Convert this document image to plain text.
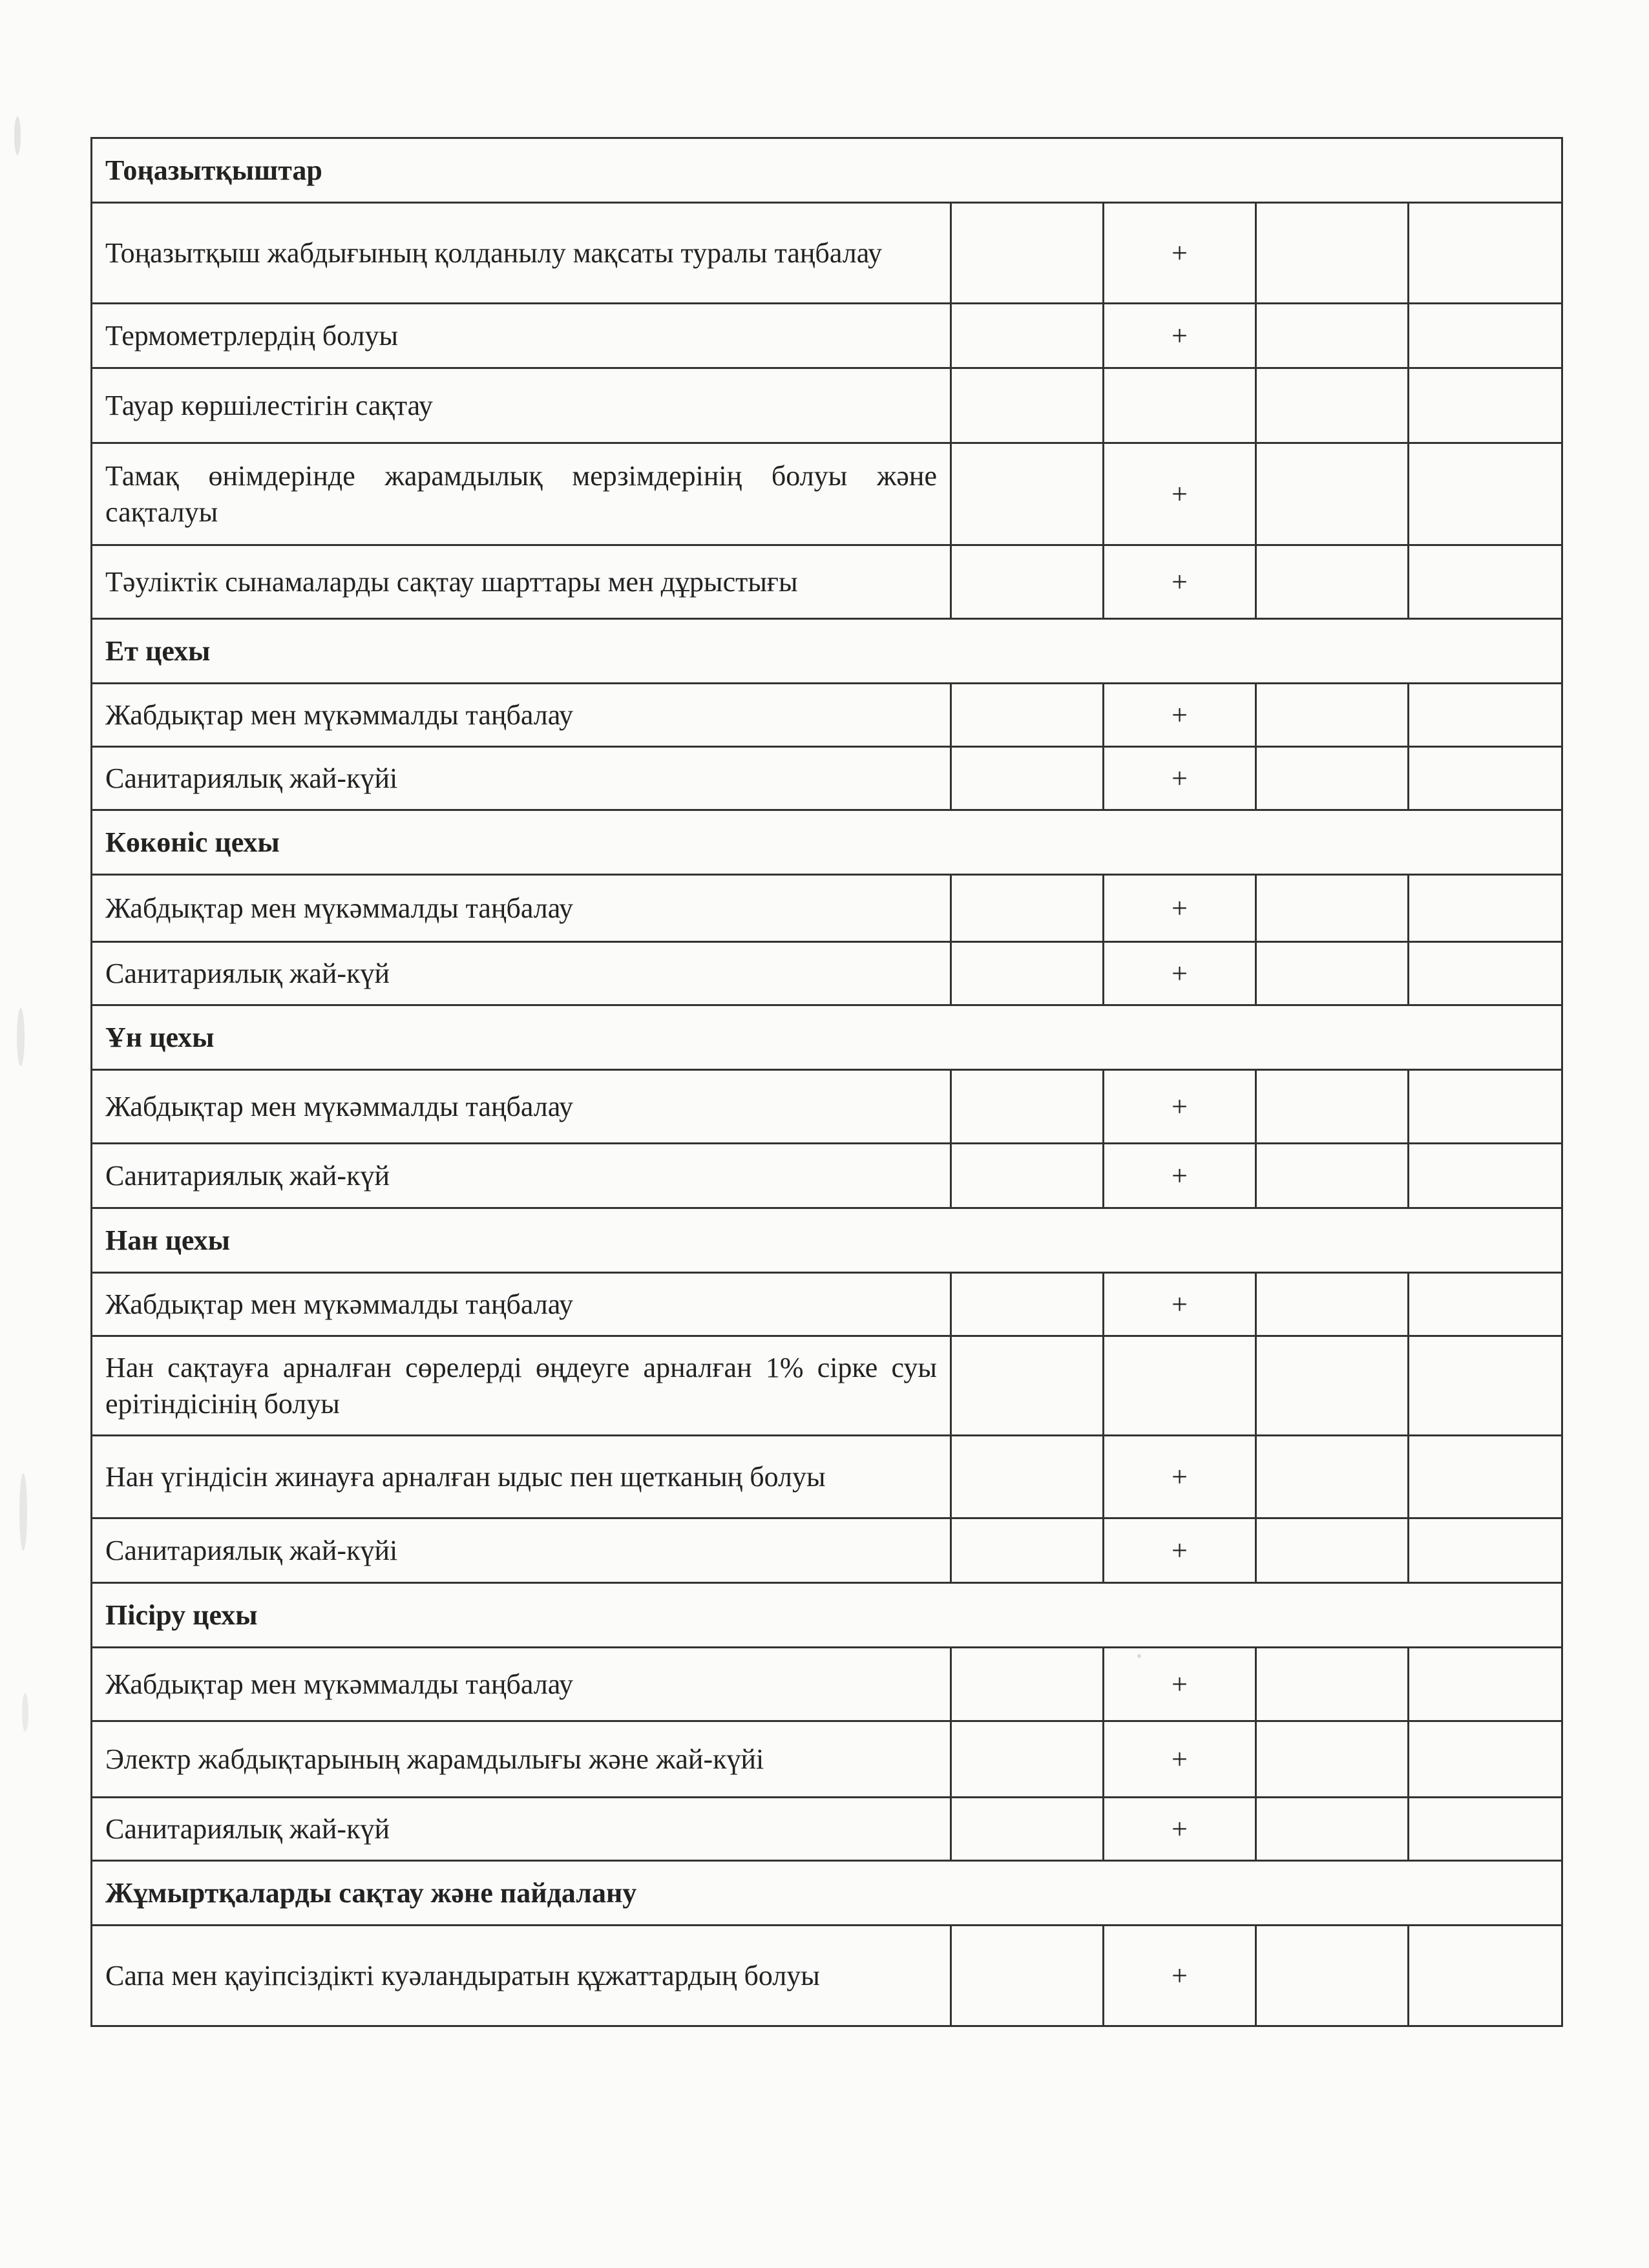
Тоңазытқыштар				
Тоңазытқыш жабдығының қолданылу мақсаты туралы таңбалау		+		
Термометрлердің болуы		+		
Тауар көршілестігін сақтау				
Тамақ өнімдерінде жарамдылық мерзімдерінің болуы және сақталуы		+		
Тәуліктік сынамаларды сақтау шарттары мен дұрыстығы		+		
Ет цехы				
Жабдықтар мен мүкәммалды таңбалау		+		
Санитариялық жай-күйі		+		
Көкөніс цехы				
Жабдықтар мен мүкәммалды таңбалау		+		
Санитариялық жай-күй		+		
Ұн цехы				
Жабдықтар мен мүкәммалды таңбалау		+		
Санитариялық жай-күй		+		
Нан цехы				
Жабдықтар мен мүкәммалды таңбалау		+		
Нан сақтауға арналған сөрелерді өңдеуге арналған 1% сірке суы ерітіндісінің болуы				
Нан үгіндісін жинауға арналған ыдыс пен щетканың болуы		+		
Санитариялық жай-күйі		+		
Пісіру цехы				
Жабдықтар мен мүкәммалды таңбалау		+		
Электр жабдықтарының жарамдылығы және жай-күйі		+		
Санитариялық жай-күй		+		
Жұмыртқаларды сақтау және пайдалану				
Сапа мен қауіпсіздікті куәландыратын құжаттардың болуы		+		
